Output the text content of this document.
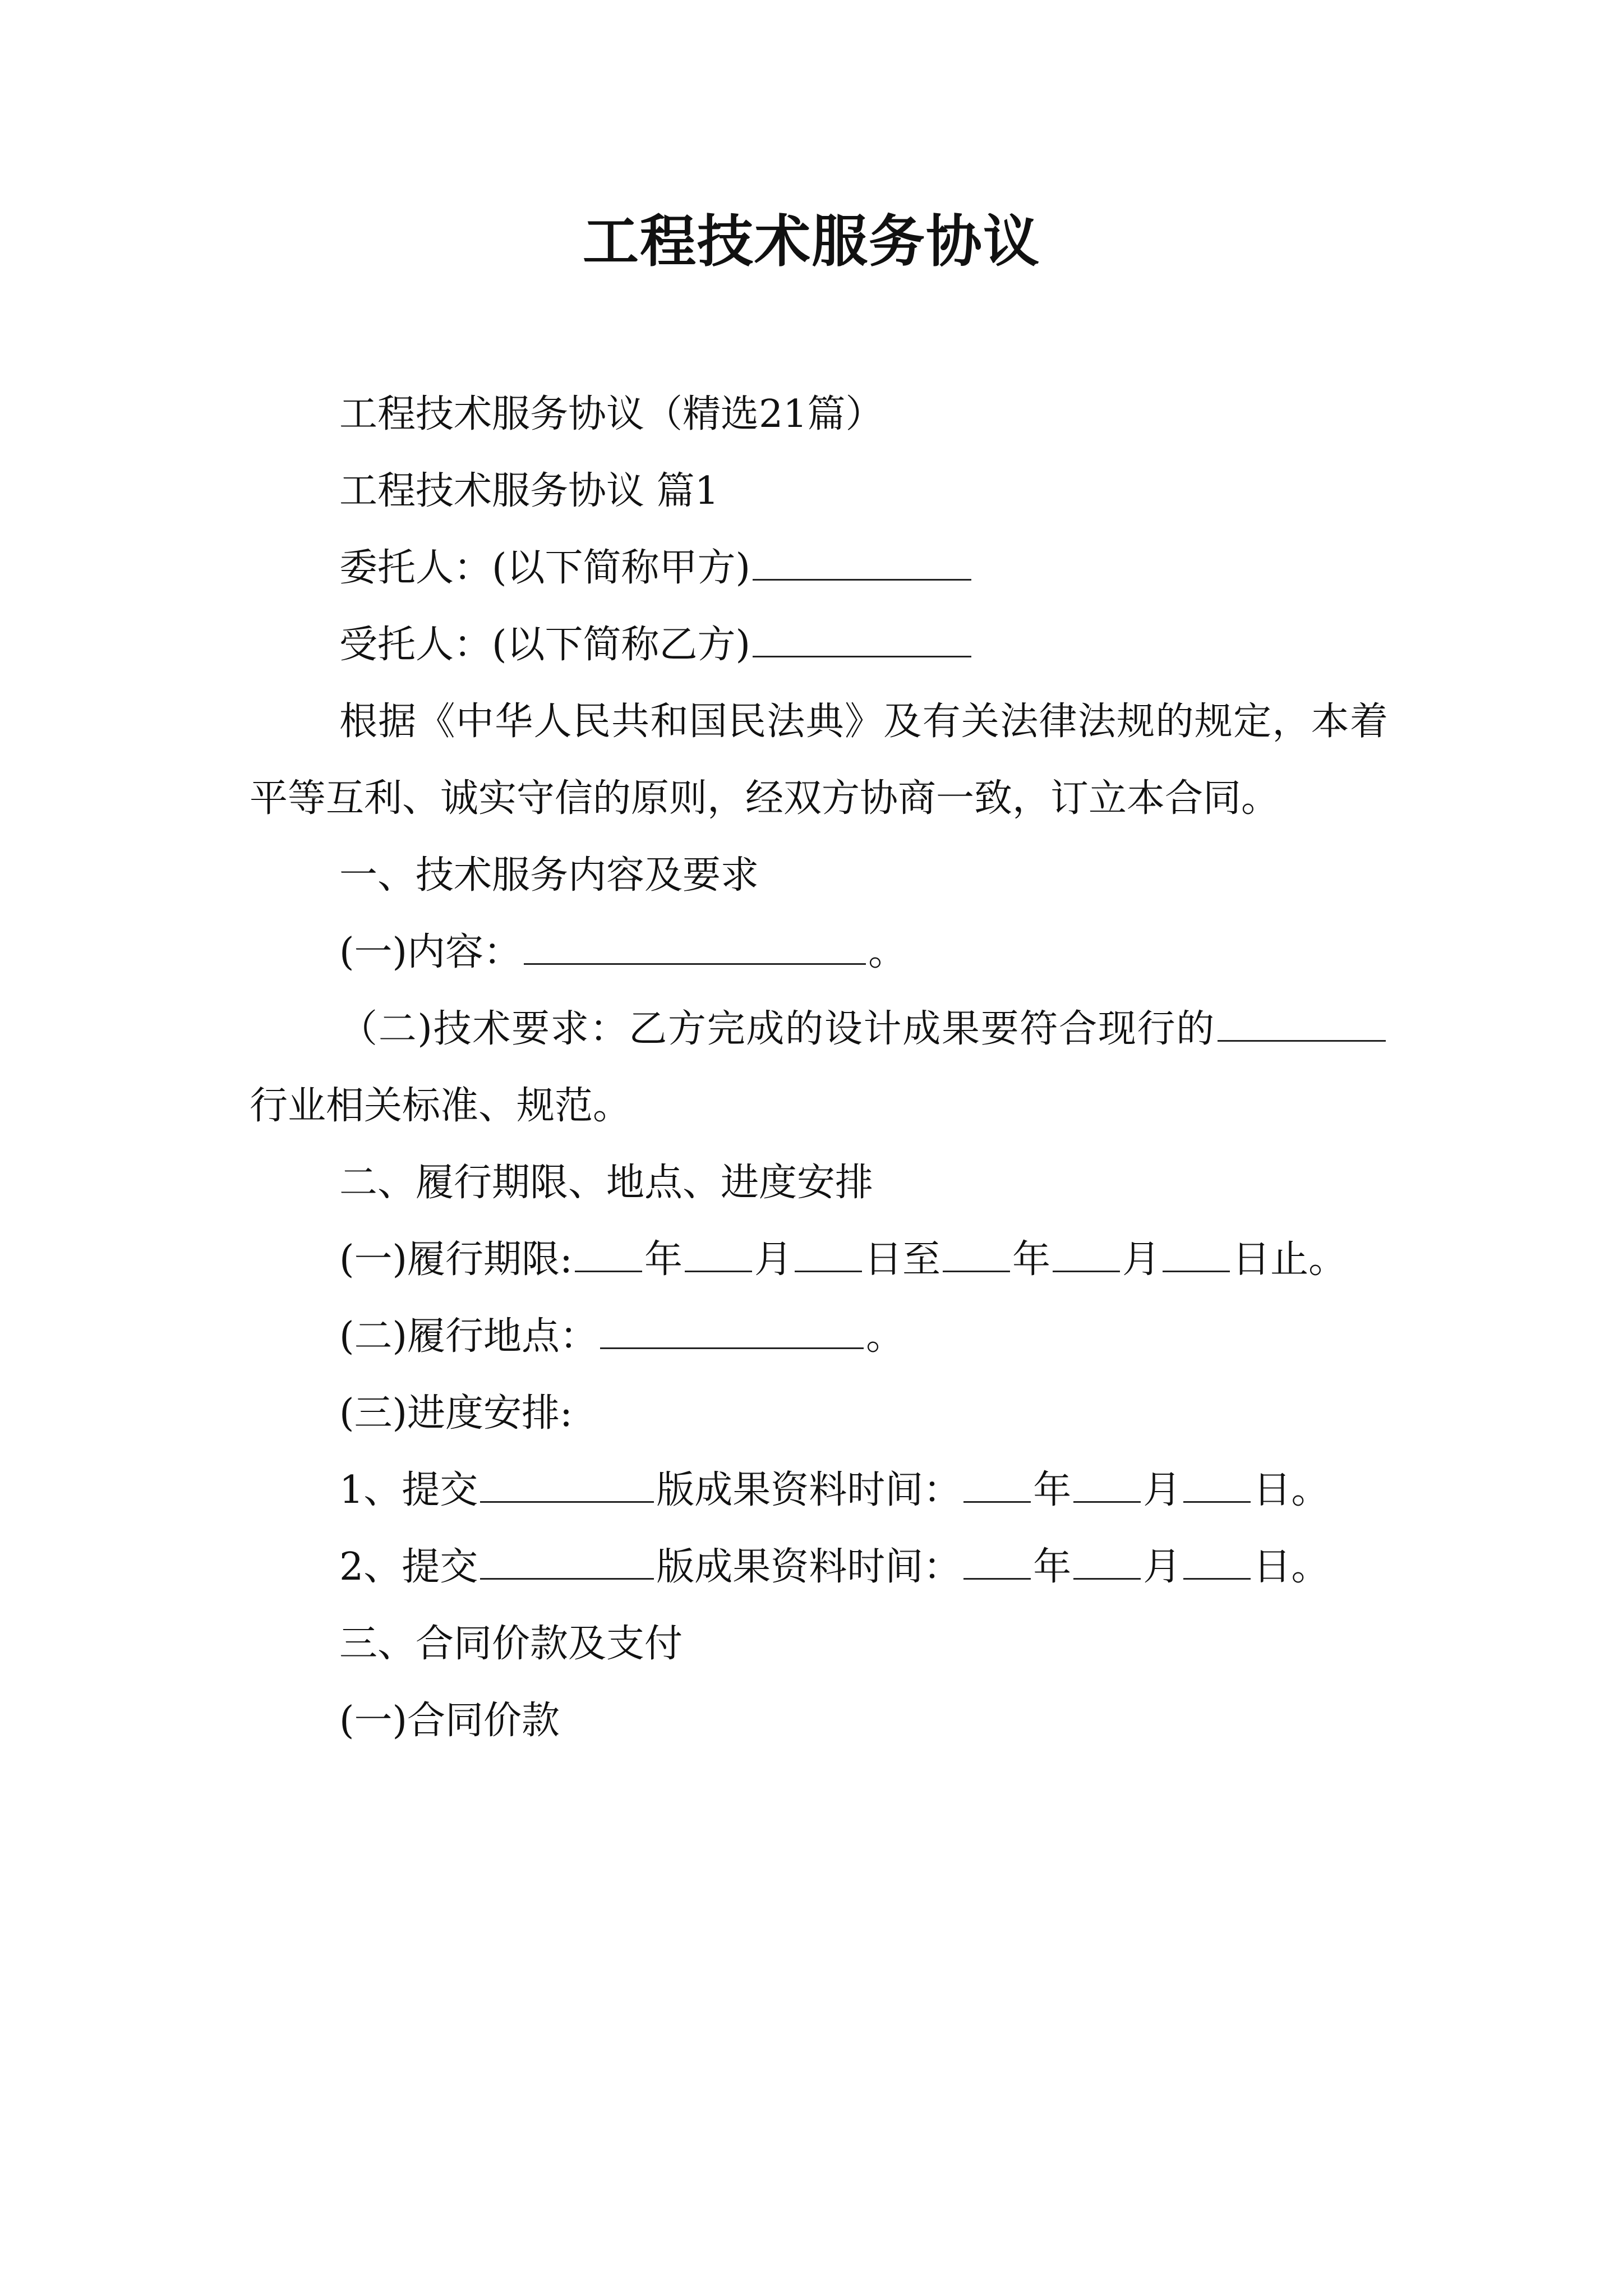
工程技术服务协议

工程技术服务协议（精选21篇）

工程技术服务协议 篇1

委托人：(以下简称甲方)

受托人：(以下简称乙方)

根据《中华人民共和国民法典》及有关法律法规的规定，本着平等互利、诚实守信的原则，经双方协商一致，订立本合同。

一、技术服务内容及要求

(一)内容：	。

（二)技术要求：乙方完成的设计成果要符合现行的行业相关标准、规范。

二、履行期限、地点、进度安排

(一)履行期限: 年 月 日至 年 月 日止。

(二)履行地点：	。

(三)进度安排:

1、提交	版成果资料时间： 年 月 日。

2、提交	版成果资料时间： 年 月 日。

三、合同价款及支付

(一)合同价款
